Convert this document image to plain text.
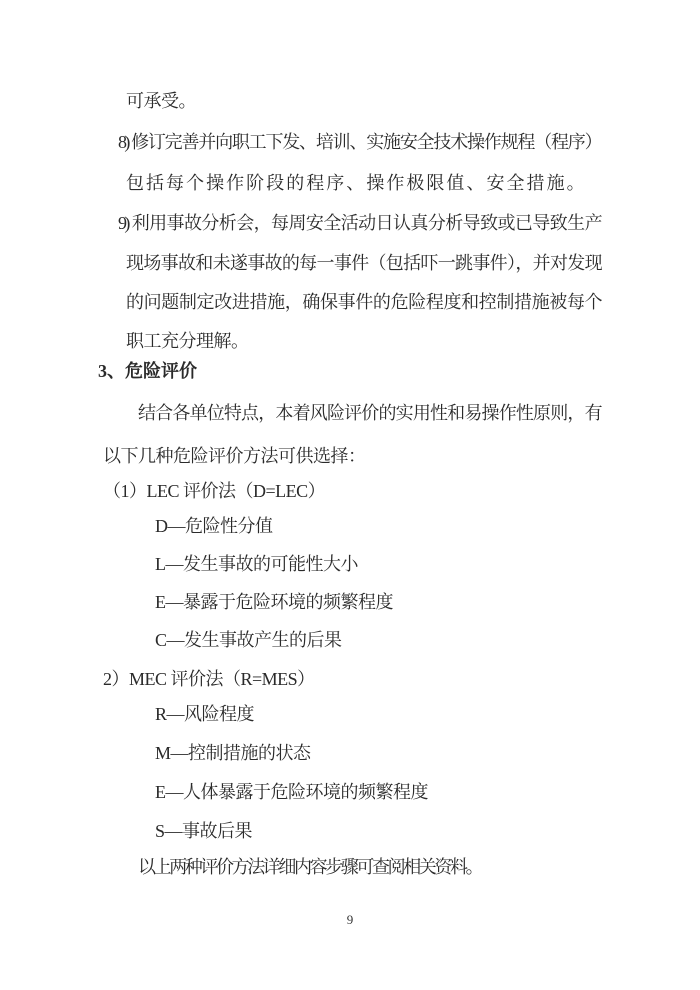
可承受。
8) 修订完善并向职工下发、培训、实施安全技术操作规程（程序）
包括每个操作阶段的程序、操作极限值、安全措施。
9) 利用事故分析会，每周安全活动日认真分析导致或已导致生产
现场事故和未遂事故的每一事件（包括吓一跳事件），并对发现
的问题制定改进措施，确保事件的危险程度和控制措施被每个
职工充分理解。
3、危险评价
结合各单位特点，本着风险评价的实用性和易操作性原则，有
以下几种危险评价方法可供选择：
（1）LEC 评价法（D=LEC）
D—危险性分值
L—发生事故的可能性大小
E—暴露于危险环境的频繁程度
C—发生事故产生的后果
2）MEC 评价法（R=MES）
R—风险程度
M—控制措施的状态
E—人体暴露于危险环境的频繁程度
S—事故后果
以上两种评价方法详细内容步骤可查阅相关资料。
9
